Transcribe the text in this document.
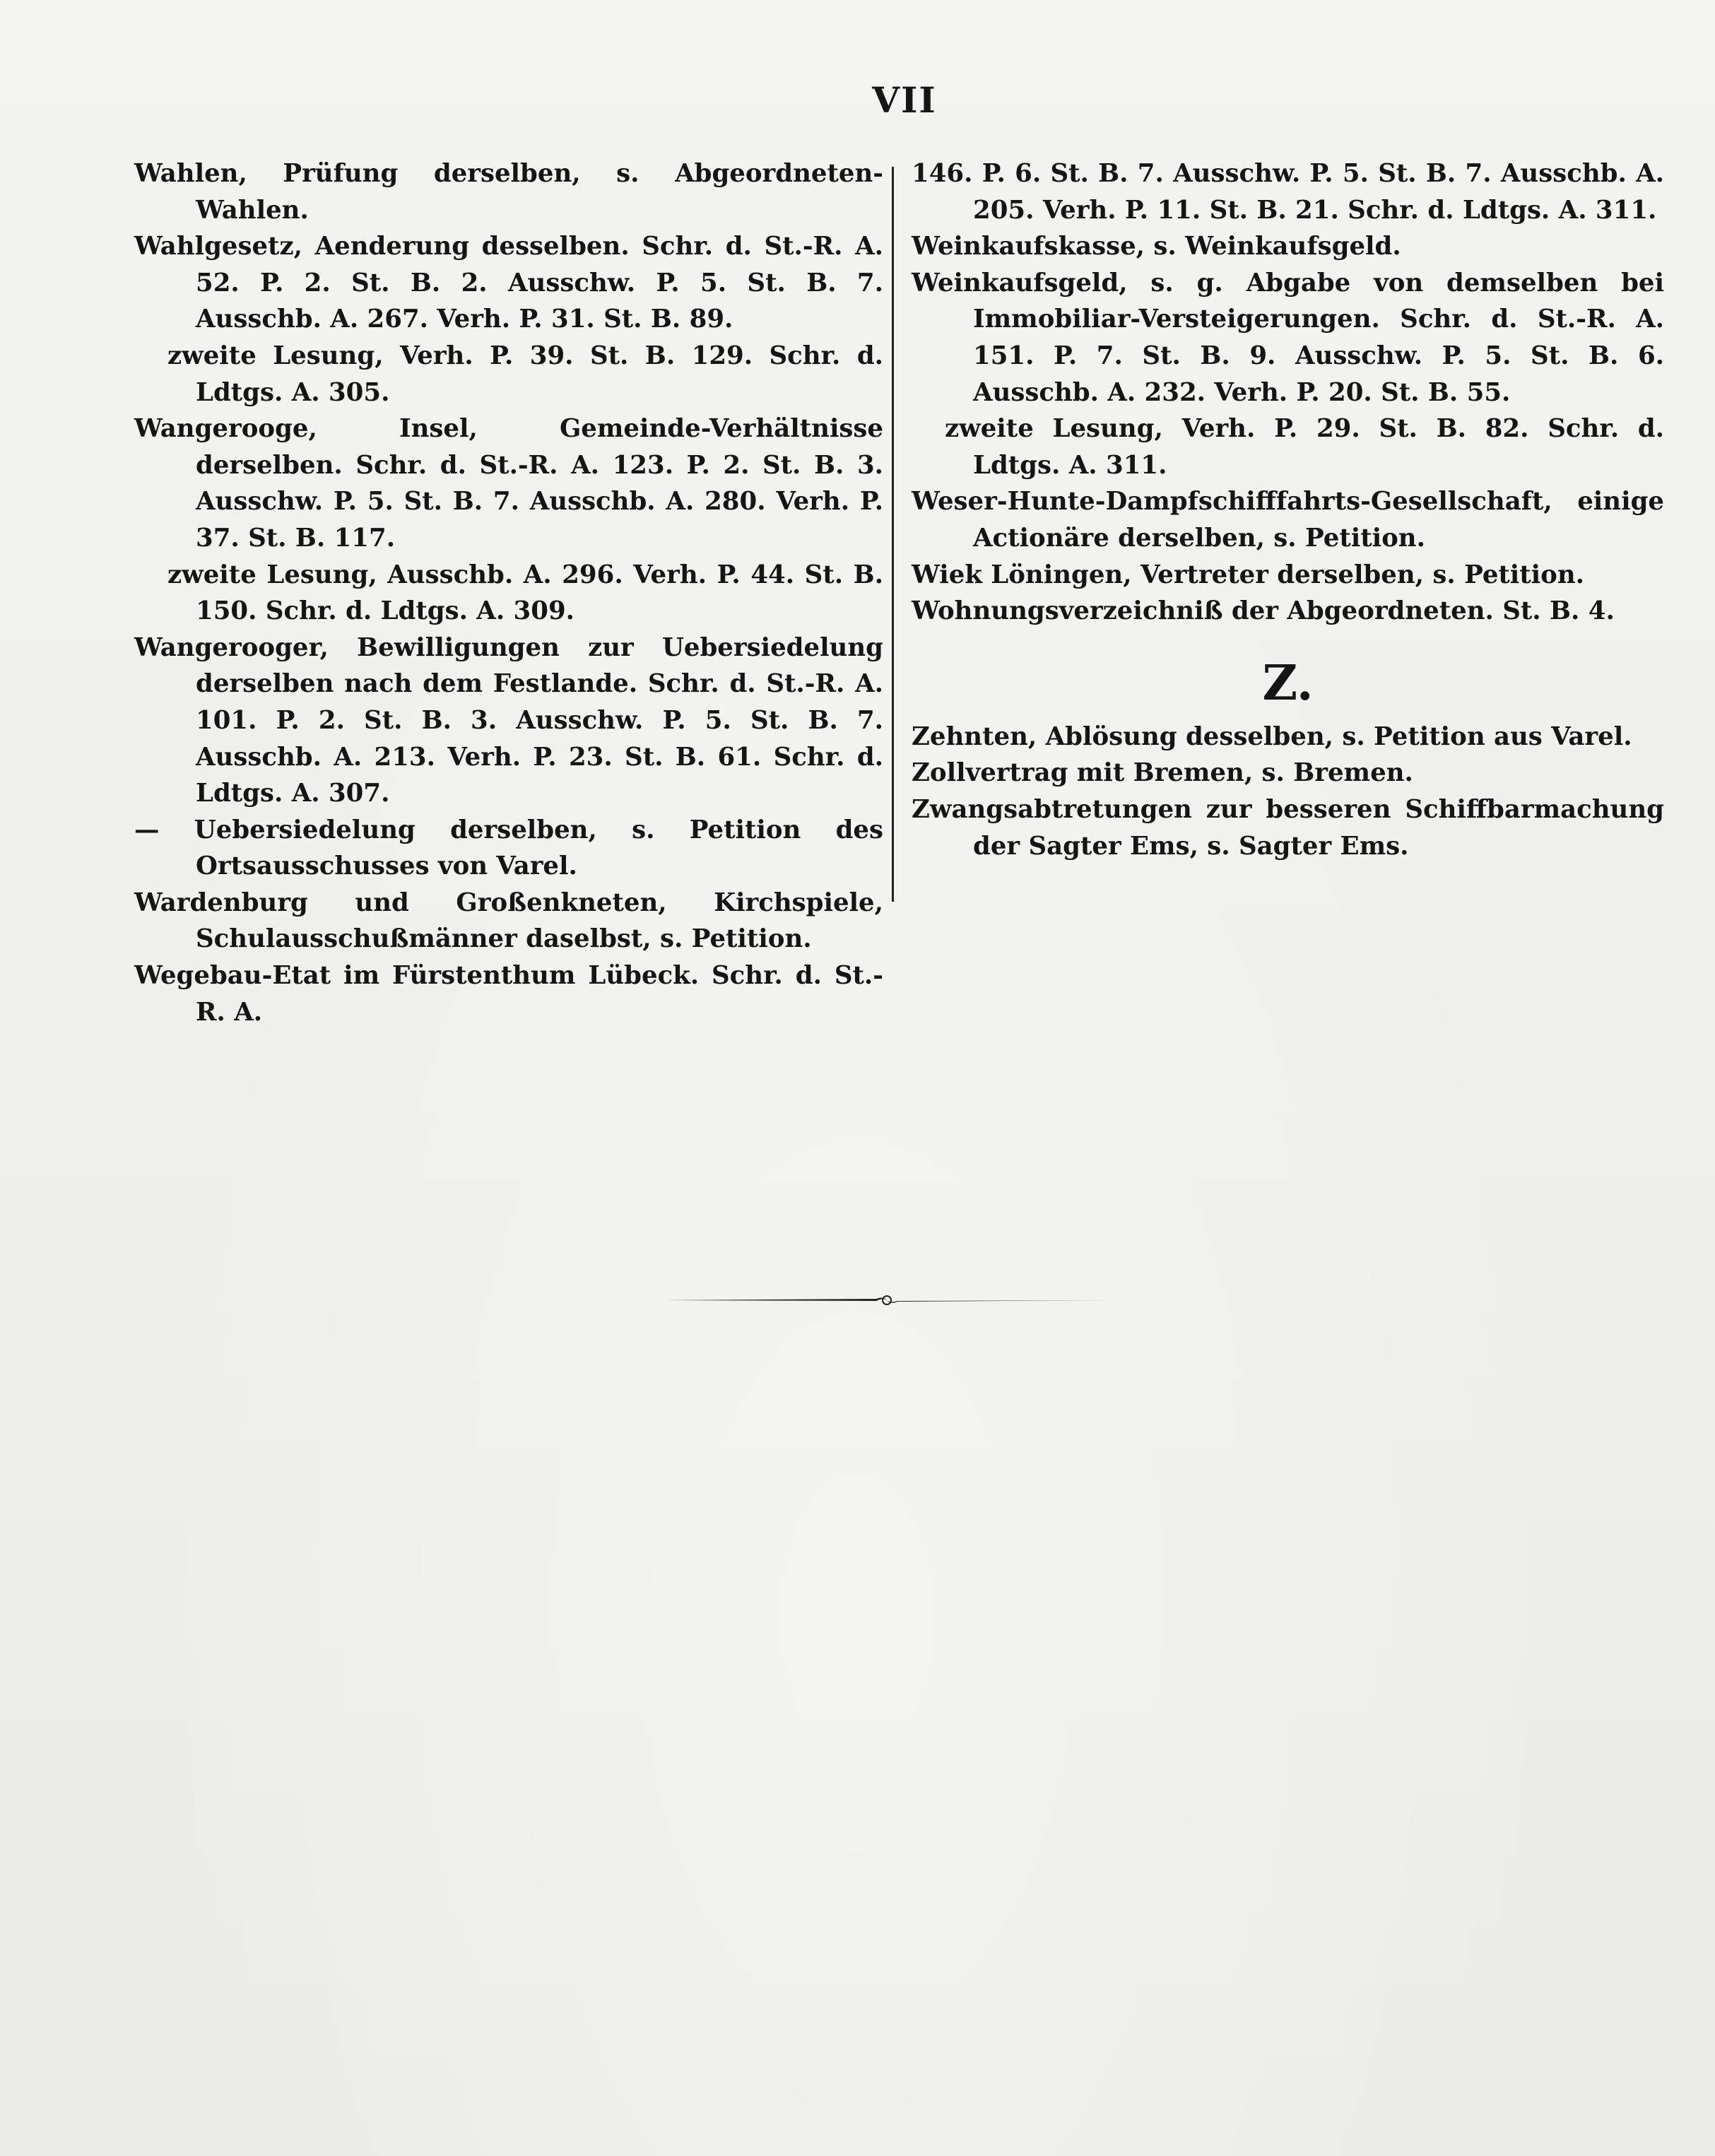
VII

Wahlen, Prüfung derselben, s. Abgeordneten-Wahlen.

Wahlgesetz, Aenderung desselben. Schr. d. St.-R. A. 52. P. 2. St. B. 2. Ausschw. P. 5. St. B. 7. Ausschb. A. 267. Verh. P. 31. St. B. 89.

zweite Lesung, Verh. P. 39. St. B. 129. Schr. d. Ldtgs. A. 305.

Wangerooge, Insel, Gemeinde-Verhältnisse derselben. Schr. d. St.-R. A. 123. P. 2. St. B. 3. Ausschw. P. 5. St. B. 7. Ausschb. A. 280. Verh. P. 37. St. B. 117.

zweite Lesung, Ausschb. A. 296. Verh. P. 44. St. B. 150. Schr. d. Ldtgs. A. 309.

Wangerooger, Bewilligungen zur Uebersiedelung derselben nach dem Festlande. Schr. d. St.-R. A. 101. P. 2. St. B. 3. Ausschw. P. 5. St. B. 7. Ausschb. A. 213. Verh. P. 23. St. B. 61. Schr. d. Ldtgs. A. 307.

— Uebersiedelung derselben, s. Petition des Ortsausschusses von Varel.

Wardenburg und Großenkneten, Kirchspiele, Schulausschußmänner daselbst, s. Petition.

Wegebau-Etat im Fürstenthum Lübeck. Schr. d. St.-R. A.

146. P. 6. St. B. 7. Ausschw. P. 5. St. B. 7. Ausschb. A. 205. Verh. P. 11. St. B. 21. Schr. d. Ldtgs. A. 311.

Weinkaufskasse, s. Weinkaufsgeld.

Weinkaufsgeld, s. g. Abgabe von demselben bei Immobiliar-Versteigerungen. Schr. d. St.-R. A. 151. P. 7. St. B. 9. Ausschw. P. 5. St. B. 6. Ausschb. A. 232. Verh. P. 20. St. B. 55.

zweite Lesung, Verh. P. 29. St. B. 82. Schr. d. Ldtgs. A. 311.

Weser-Hunte-Dampfschifffahrts-Gesellschaft, einige Actionäre derselben, s. Petition.

Wiek Löningen, Vertreter derselben, s. Petition.

Wohnungsverzeichniß der Abgeordneten. St. B. 4.

Z.

Zehnten, Ablösung desselben, s. Petition aus Varel.

Zollvertrag mit Bremen, s. Bremen.

Zwangsabtretungen zur besseren Schiffbarmachung der Sagter Ems, s. Sagter Ems.
